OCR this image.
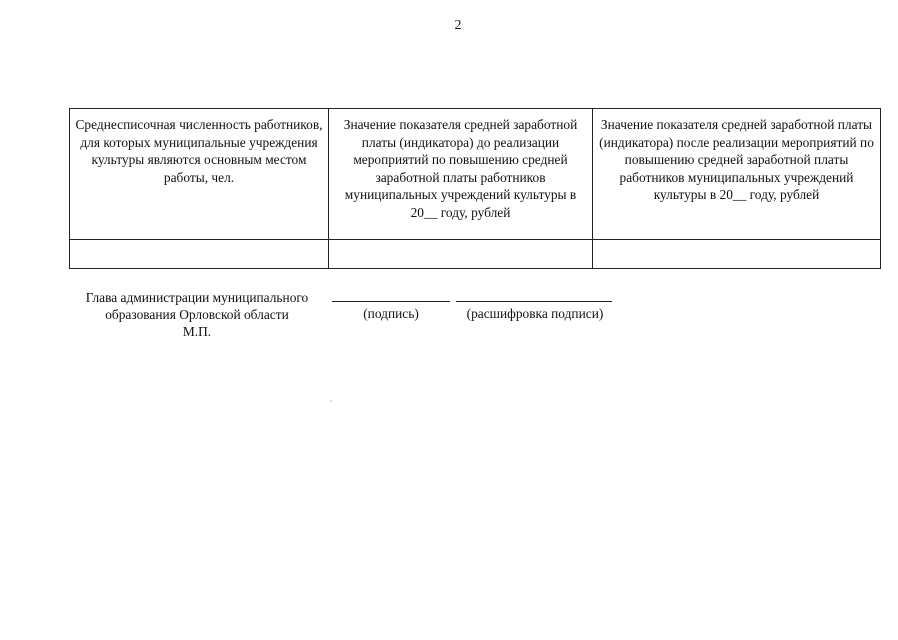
2
Среднесписочная численность работников, для которых муниципальные учреждения культуры являются основным местом работы, чел.	Значение показателя средней заработной платы (индикатора) до реализации мероприятий по повышению средней заработной платы работников муниципальных учреждений культуры в 20__ году, рублей	Значение показателя средней заработной платы (индикатора) после реализации мероприятий по повышению средней заработной платы работников муниципальных учреждений культуры в 20__ году, рублей

Глава администрации муниципального
образования Орловской области
М.П.
(подпись)	(расшифровка подписи)
